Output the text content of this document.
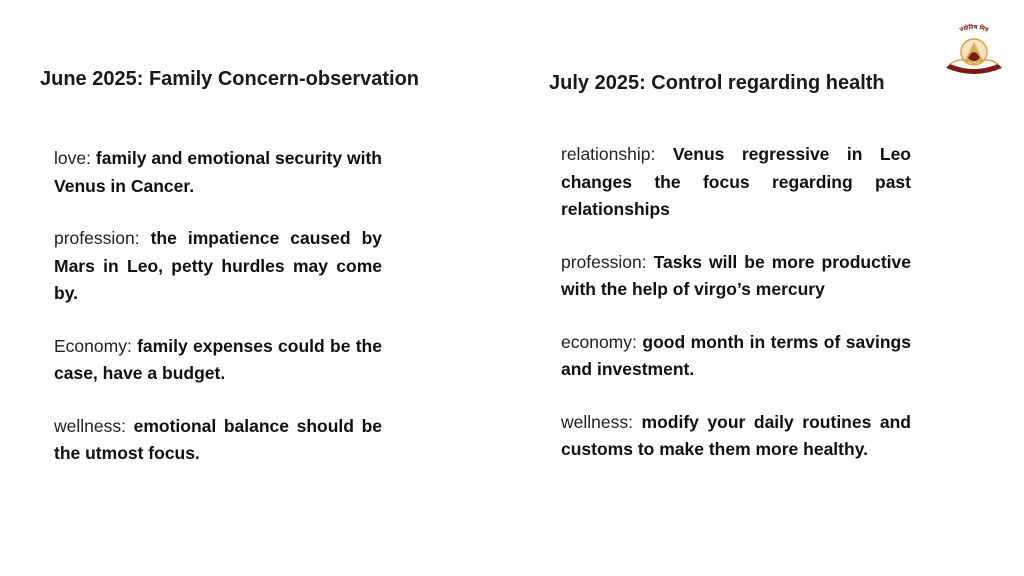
June 2025: Family Concern-observation	July 2025: Control regarding health

love: family and emotional security with Venus in Cancer.

profession: the impatience caused by Mars in Leo, petty hurdles may come by.

Economy: family expenses could be the case, have a budget.

wellness: emotional balance should be the utmost focus.

relationship: Venus regressive in Leo changes the focus regarding past relationships

profession: Tasks will be more productive with the help of virgo’s mercury

economy: good month in terms of savings and investment.

wellness: modify your daily routines and customs to make them more healthy.

ज्योतिष मित्र
